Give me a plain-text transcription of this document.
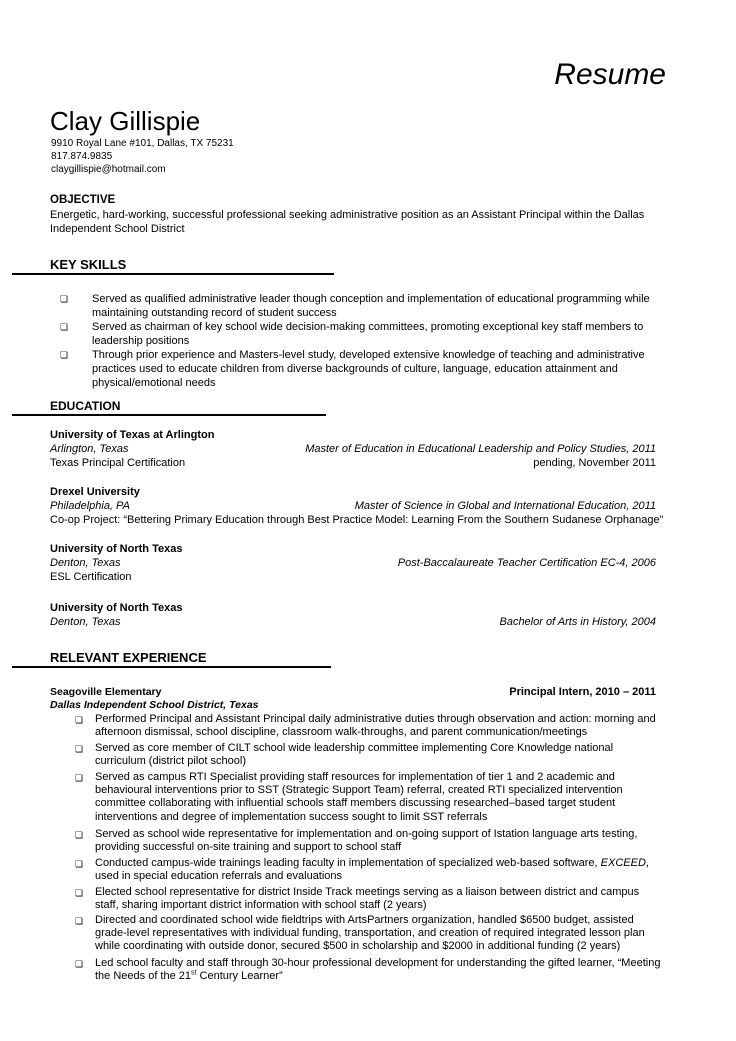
Resume
Clay Gillispie
9910 Royal Lane #101, Dallas, TX 75231
817.874.9835
claygillispie@hotmail.com
OBJECTIVE
Energetic, hard-working, successful professional seeking administrative position as an Assistant Principal within the Dallas Independent School District
KEY SKILLS
❏ Served as qualified administrative leader though conception and implementation of educational programming while maintaining outstanding record of student success
❏ Served as chairman of key school wide decision-making committees, promoting exceptional key staff members to leadership positions
❏ Through prior experience and Masters-level study, developed extensive knowledge of teaching and administrative practices used to educate children from diverse backgrounds of culture, language, education attainment and physical/emotional needs
EDUCATION
University of Texas at Arlington
Arlington, Texas	Master of Education in Educational Leadership and Policy Studies, 2011
Texas Principal Certification	pending, November 2011
Drexel University
Philadelphia, PA	Master of Science in Global and International Education, 2011
Co-op Project: “Bettering Primary Education through Best Practice Model: Learning From the Southern Sudanese Orphanage”
University of North Texas
Denton, Texas	Post-Baccalaureate Teacher Certification EC-4, 2006
ESL Certification
University of North Texas
Denton, Texas	Bachelor of Arts in History, 2004
RELEVANT EXPERIENCE
Seagoville Elementary	Principal Intern, 2010 – 2011
Dallas Independent School District, Texas
❏ Performed Principal and Assistant Principal daily administrative duties through observation and action: morning and afternoon dismissal, school discipline, classroom walk-throughs, and parent communication/meetings
❏ Served as core member of CILT school wide leadership committee implementing Core Knowledge national curriculum (district pilot school)
❏ Served as campus RTI Specialist providing staff resources for implementation of tier 1 and 2 academic and behavioural interventions prior to SST (Strategic Support Team) referral, created RTI specialized intervention committee collaborating with influential schools staff members discussing researched–based target student interventions and degree of implementation success sought to limit SST referrals
❏ Served as school wide representative for implementation and on-going support of Istation language arts testing, providing successful on-site training and support to school staff
❏ Conducted campus-wide trainings leading faculty in implementation of specialized web-based software, EXCEED, used in special education referrals and evaluations
❏ Elected school representative for district Inside Track meetings serving as a liaison between district and campus staff, sharing important district information with school staff (2 years)
❏ Directed and coordinated school wide fieldtrips with ArtsPartners organization, handled $6500 budget, assisted grade-level representatives with individual funding, transportation, and creation of required integrated lesson plan while coordinating with outside donor, secured $500 in scholarship and $2000 in additional funding (2 years)
❏ Led school faculty and staff through 30-hour professional development for understanding the gifted learner, “Meeting the Needs of the 21st Century Learner”
